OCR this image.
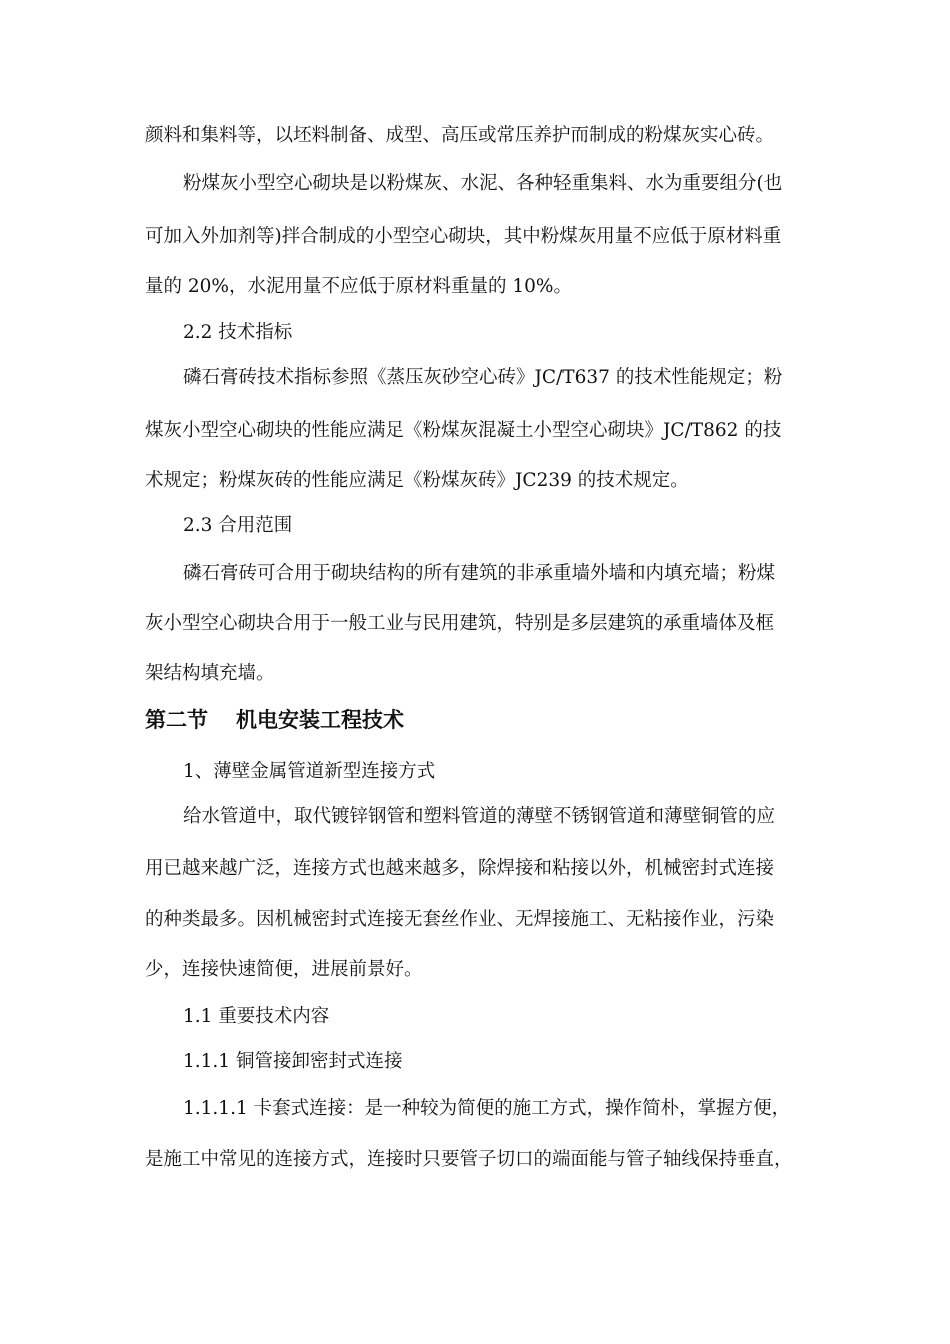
颜料和集料等，以坯料制备、成型、高压或常压养护而制成的粉煤灰实心砖。
粉煤灰小型空心砌块是以粉煤灰、水泥、各种轻重集料、水为重要组分(也
可加入外加剂等)拌合制成的小型空心砌块，其中粉煤灰用量不应低于原材料重
量的 20%，水泥用量不应低于原材料重量的 10%。
2.2 技术指标
磷石膏砖技术指标参照《蒸压灰砂空心砖》JC/T637 的技术性能规定；粉
煤灰小型空心砌块的性能应满足《粉煤灰混凝土小型空心砌块》JC/T862 的技
术规定；粉煤灰砖的性能应满足《粉煤灰砖》JC239 的技术规定。
2.3 合用范围
磷石膏砖可合用于砌块结构的所有建筑的非承重墙外墙和内填充墙；粉煤
灰小型空心砌块合用于一般工业与民用建筑，特别是多层建筑的承重墙体及框
架结构填充墙。
第二节 机电安装工程技术
1、薄壁金属管道新型连接方式
给水管道中，取代镀锌钢管和塑料管道的薄壁不锈钢管道和薄壁铜管的应
用已越来越广泛，连接方式也越来越多，除焊接和粘接以外，机械密封式连接
的种类最多。因机械密封式连接无套丝作业、无焊接施工、无粘接作业，污染
少，连接快速简便，进展前景好。
1.1 重要技术内容
1.1.1 铜管接卸密封式连接
1.1.1.1 卡套式连接：是一种较为简便的施工方式，操作简朴，掌握方便，
是施工中常见的连接方式，连接时只要管子切口的端面能与管子轴线保持垂直，
